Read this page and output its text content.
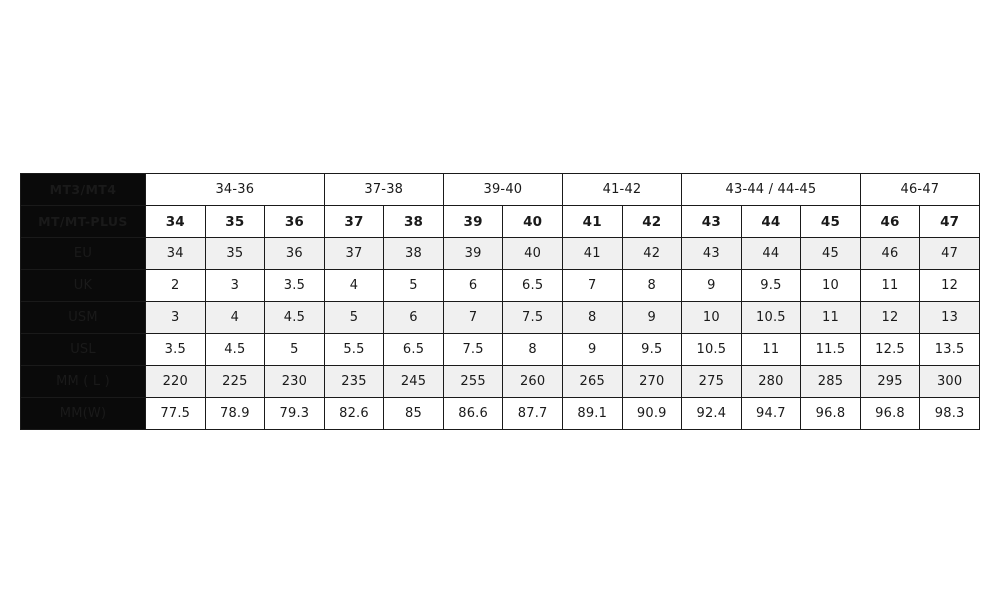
MT3/MT4	34-36			37-38		39-40		41-42		43-44 / 44-45			46-47	
MT/MT-PLUS	34	35	36	37	38	39	40	41	42	43	44	45	46	47
EU	34	35	36	37	38	39	40	41	42	43	44	45	46	47
UK	2	3	3.5	4	5	6	6.5	7	8	9	9.5	10	11	12
USM	3	4	4.5	5	6	7	7.5	8	9	10	10.5	11	12	13
USL	3.5	4.5	5	5.5	6.5	7.5	8	9	9.5	10.5	11	11.5	12.5	13.5
MM ( L )	220	225	230	235	245	255	260	265	270	275	280	285	295	300
MM(W)	77.5	78.9	79.3	82.6	85	86.6	87.7	89.1	90.9	92.4	94.7	96.8	96.8	98.3
